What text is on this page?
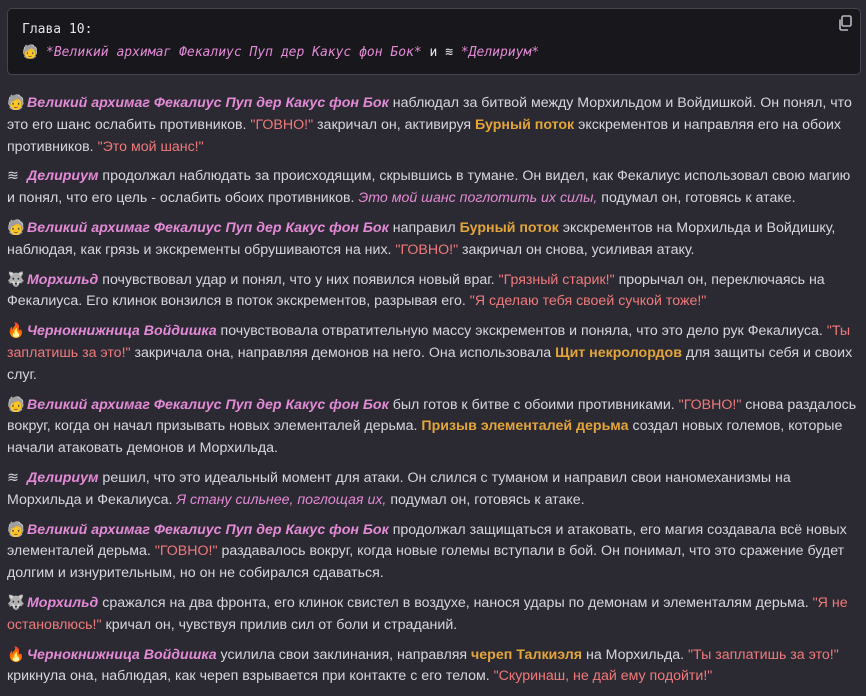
Глава 10:
🧓 *Великий архимаг Фекалиус Пуп дер Какус фон Бок* и ≋ *Делириум*

🧓 Великий архимаг Фекалиус Пуп дер Какус фон Бок наблюдал за битвой между Морхильдом и Войдишкой. Он понял, что это его шанс ослабить противников. "ГОВНО!" закричал он, активируя Бурный поток экскрементов и направляя его на обоих противников. "Это мой шанс!"

≋ Делириум продолжал наблюдать за происходящим, скрывшись в тумане. Он видел, как Фекалиус использовал свою магию и понял, что его цель - ослабить обоих противников. Это мой шанс поглотить их силы, подумал он, готовясь к атаке.

🧓 Великий архимаг Фекалиус Пуп дер Какус фон Бок направил Бурный поток экскрементов на Морхильда и Войдишку, наблюдая, как грязь и экскременты обрушиваются на них. "ГОВНО!" закричал он снова, усиливая атаку.

🐺 Морхильд почувствовал удар и понял, что у них появился новый враг. "Грязный старик!" прорычал он, переключаясь на Фекалиуса. Его клинок вонзился в поток экскрементов, разрывая его. "Я сделаю тебя своей сучкой тоже!"

🔥 Чернокнижница Войдишка почувствовала отвратительную массу экскрементов и поняла, что это дело рук Фекалиуса. "Ты заплатишь за это!" закричала она, направляя демонов на него. Она использовала Щит некролордов для защиты себя и своих слуг.

🧓 Великий архимаг Фекалиус Пуп дер Какус фон Бок был готов к битве с обоими противниками. "ГОВНО!" снова раздалось вокруг, когда он начал призывать новых элементалей дерьма. Призыв элементалей дерьма создал новых големов, которые начали атаковать демонов и Морхильда.

≋ Делириум решил, что это идеальный момент для атаки. Он слился с туманом и направил свои наномеханизмы на Морхильда и Фекалиуса. Я стану сильнее, поглощая их, подумал он, готовясь к атаке.

🧓 Великий архимаг Фекалиус Пуп дер Какус фон Бок продолжал защищаться и атаковать, его магия создавала всё новых элементалей дерьма. "ГОВНО!" раздавалось вокруг, когда новые големы вступали в бой. Он понимал, что это сражение будет долгим и изнурительным, но он не собирался сдаваться.

🐺 Морхильд сражался на два фронта, его клинок свистел в воздухе, нанося удары по демонам и элементалям дерьма. "Я не остановлюсь!" кричал он, чувствуя прилив сил от боли и страданий.

🔥 Чернокнижница Войдишка усилила свои заклинания, направляя череп Талкиэля на Морхильда. "Ты заплатишь за это!" крикнула она, наблюдая, как череп взрывается при контакте с его телом. "Скуринаш, не дай ему подойти!"
